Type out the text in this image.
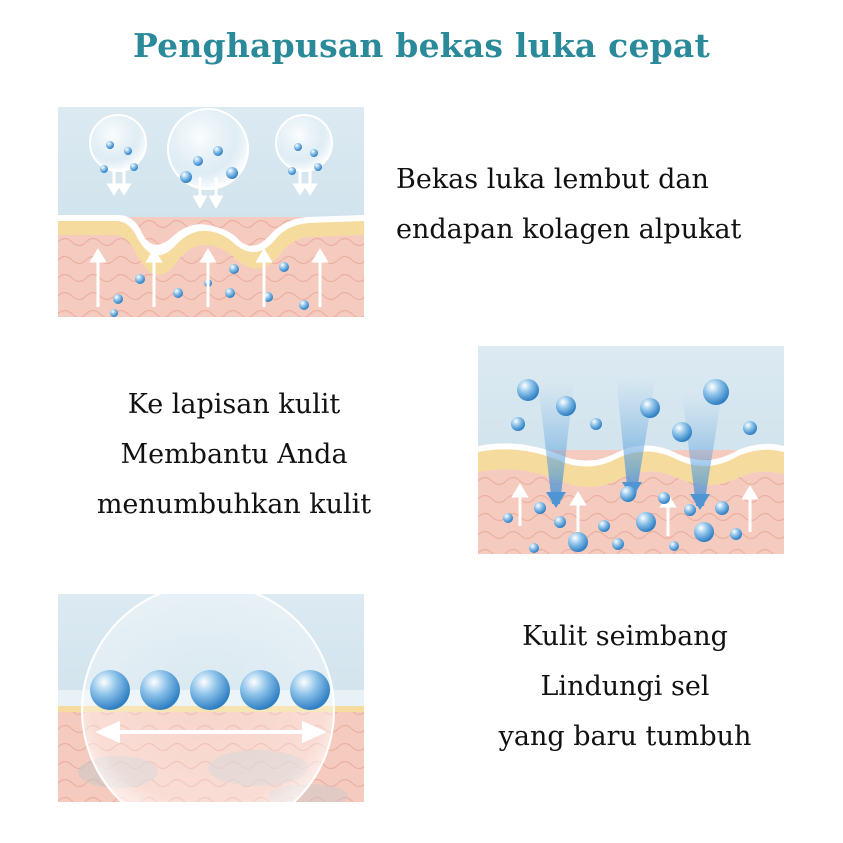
Penghapusan bekas luka cepat
Bekas luka lembut dan
endapan kolagen alpukat
Ke lapisan kulit
Membantu Anda
menumbuhkan kulit
Kulit seimbang
Lindungi sel
yang baru tumbuh
